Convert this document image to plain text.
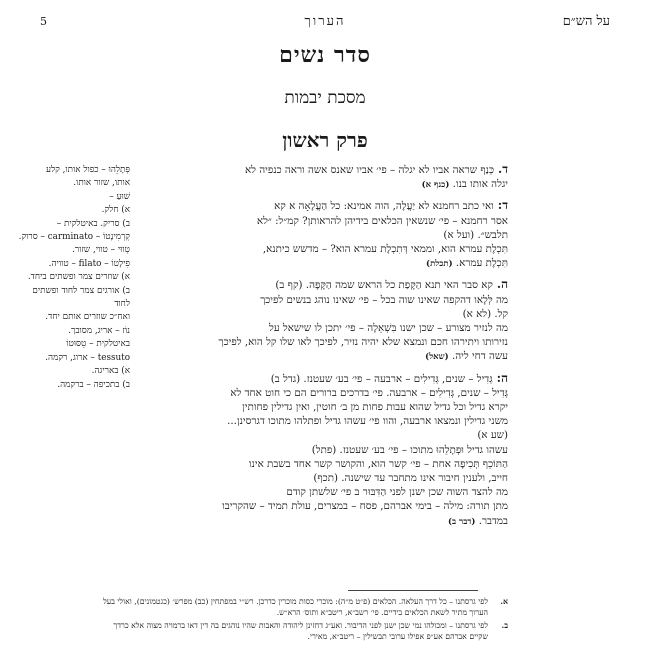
על הש״ם
הערוך
5
סדר נשים
מסכת יבמות
פרק ראשון
ד.כְּנַף שראה אביו לא יגלה – פי׳ אביו שאנס אשה וראה כנפיה לא
יגלה אותו בנו. (כנף א)
ד:ואי כתב רחמנא לא יַעֲלֶה, הוה אמינא: כל הַעֲלָאָה א קא
אסר רחמנא – פי׳ שנשאין הכלאים בידיהן להראותן? קמ״ל: ״לא
תלבש״. (ועל א)
תִּכְלֶת עמרא הוא, וממאי דְּתִכְלֶת עמרא הוא? – מדשש כיתנא,
תִּכְלֶת עמרא. (תכלת)
ה.קא סבר האי תנא הַקָּפַת כל הראש שמה הַקָּפָה. (קף ב)
מה לְּלָאו דהקפה שאינו שוה בכל – פי׳ שאינו נוהג בנשים לפיכך
קל. (לא א)
מה לנזיר מצורע – שכן ישנו בִּשְׁאֵלָה – פי׳ יתכן לו שישאל על
נזירותו ויתירהו חכם ונמצא שלא יהיה נזיר, לפיכך לאו שלו קל הוא, לפיכך
עשה דחי ליה. (שאל)
ה:גְּדִיל – שנים, גְּדִילִים – ארבעה – פי׳ בע׳ שעטנז. (גדל ב)
גְּדִיל – שנים, גְּדִילִים – ארבעה. פי׳ בדרכים ברורים הם כי חוט אחד לא
יקרא גדיל וכל גדיל שהוא עבות פחות מן ב׳ חוטין, ואין גדילין פחותין
משני גדילין ונמצאו ארבעה, והוו פי׳ עשהו גדיל ופתלהו מתוכו דגרסינן...
(שע א)
עשהו גדיל וּפְתָלֵהוּ מתוכו – פי׳ בע׳ שעטנז. (פתל)
הַתּוֹכֵף תְּכִיפָה אחת – פי׳ קשר הוא, והקושר קשר אחד בשבת אינו
חייב, ולענין חיבור אינו מתחבר עד שישנה. (תכף)
מה להצד השוה שכן ישנן לפני הַדִּבּוּר ב פי׳ שלשתן קודם
מתן תורה: מילה – בימי אברהם, פסח – במצרים, עולת תמיד – שהקריבו
במדבר. (דבר ב)
פְּתָלֵהוּ – כפול אותו, קלע
אותו, שזור אותו.
שׁוּעַ –
א) חלק.
ב) סריק. באיטלקית –
קְרְמִינָטוֹ – carminato – סרוק.
טְווּי – טווי, שזור.
פִילָטוֹ – filato – טוויה.
א) שוזרים צמר ופשתים ביחד.
ב) אורגים צמר לחוד ופשתים לחוד
ואח״כ שוזרים אותם יחד.
נוֹז – אריג, מסובך.
באיטלקית – טֵסּוּטוֹ
tessuto – ארוג, רקמה.
א) באריגה.
ב) בתכיפה – ברקמה.
א.
לפי גרסתנו – כל דרך העלאה. הכלאים (פ״ט מ״ה): מוכרי כסות מוכרין כדרכן. רש״י במפתחין (כב) מפרש׳ (כגטמונים), ואולי בעל הערוך מתיר לשאת הכלאים בידיים. פי׳ רשב״א, ריטב״א ותוס׳ הרא״ש.
ב.
לפי גרסתנו – ומכולהו נמי שכן ישנן לפני הדיבור. ואע״ג דחזינן ליהודה והאבות שהיו נוהגים בה דין דאו ברמויה מצוה אלא כרדך שקיים אברהם אע״פ אפילו ערובי תבשילין – ריטב״א, מאירי.
